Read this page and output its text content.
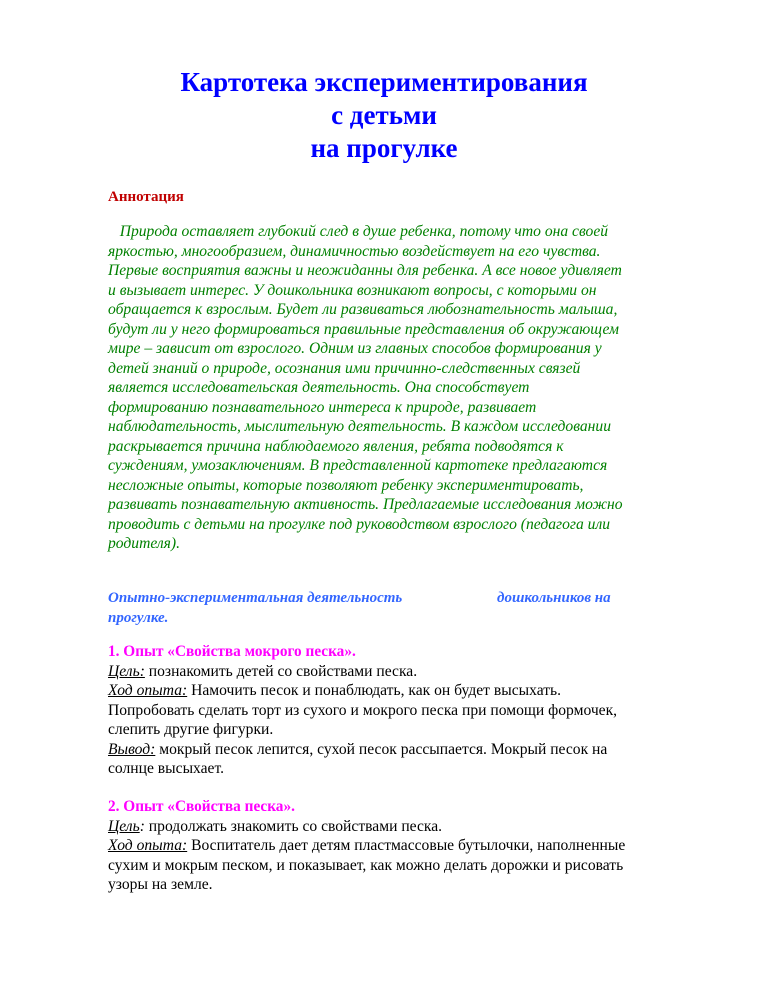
Картотека экспериментирования
с детьми
на прогулке
Аннотация
Природа оставляет глубокий след в душе ребенка, потому что она своей
яркостью, многообразием, динамичностью воздействует на его чувства.
Первые восприятия важны и неожиданны для ребенка. А все новое удивляет
и вызывает интерес. У дошкольника возникают вопросы, с которыми он
обращается к взрослым. Будет ли развиваться любознательность малыша,
будут ли у него формироваться правильные представления об окружающем
мире – зависит от взрослого. Одним из главных способов формирования у
детей знаний о природе, осознания ими причинно-следственных связей
является исследовательская деятельность. Она способствует
формированию познавательного интереса к природе, развивает
наблюдательность, мыслительную деятельность. В каждом исследовании
раскрывается причина наблюдаемого явления, ребята подводятся к
суждениям, умозаключениям. В представленной картотеке предлагаются
несложные опыты, которые позволяют ребенку экспериментировать,
развивать познавательную активность. Предлагаемые исследования можно
проводить с детьми на прогулке под руководством взрослого (педагога или
родителя).
Опытно-экспериментальная деятельность	дошкольников на
прогулке.
1. Опыт «Свойства мокрого песка».
Цель: познакомить детей со свойствами песка.
Ход опыта: Намочить песок и понаблюдать, как он будет высыхать.
Попробовать сделать торт из сухого и мокрого песка при помощи формочек,
слепить другие фигурки.
Вывод: мокрый песок лепится, сухой песок рассыпается. Мокрый песок на
солнце высыхает.
2. Опыт «Свойства песка».
Цель: продолжать знакомить со свойствами песка.
Ход опыта: Воспитатель дает детям пластмассовые бутылочки, наполненные
сухим и мокрым песком, и показывает, как можно делать дорожки и рисовать
узоры на земле.
